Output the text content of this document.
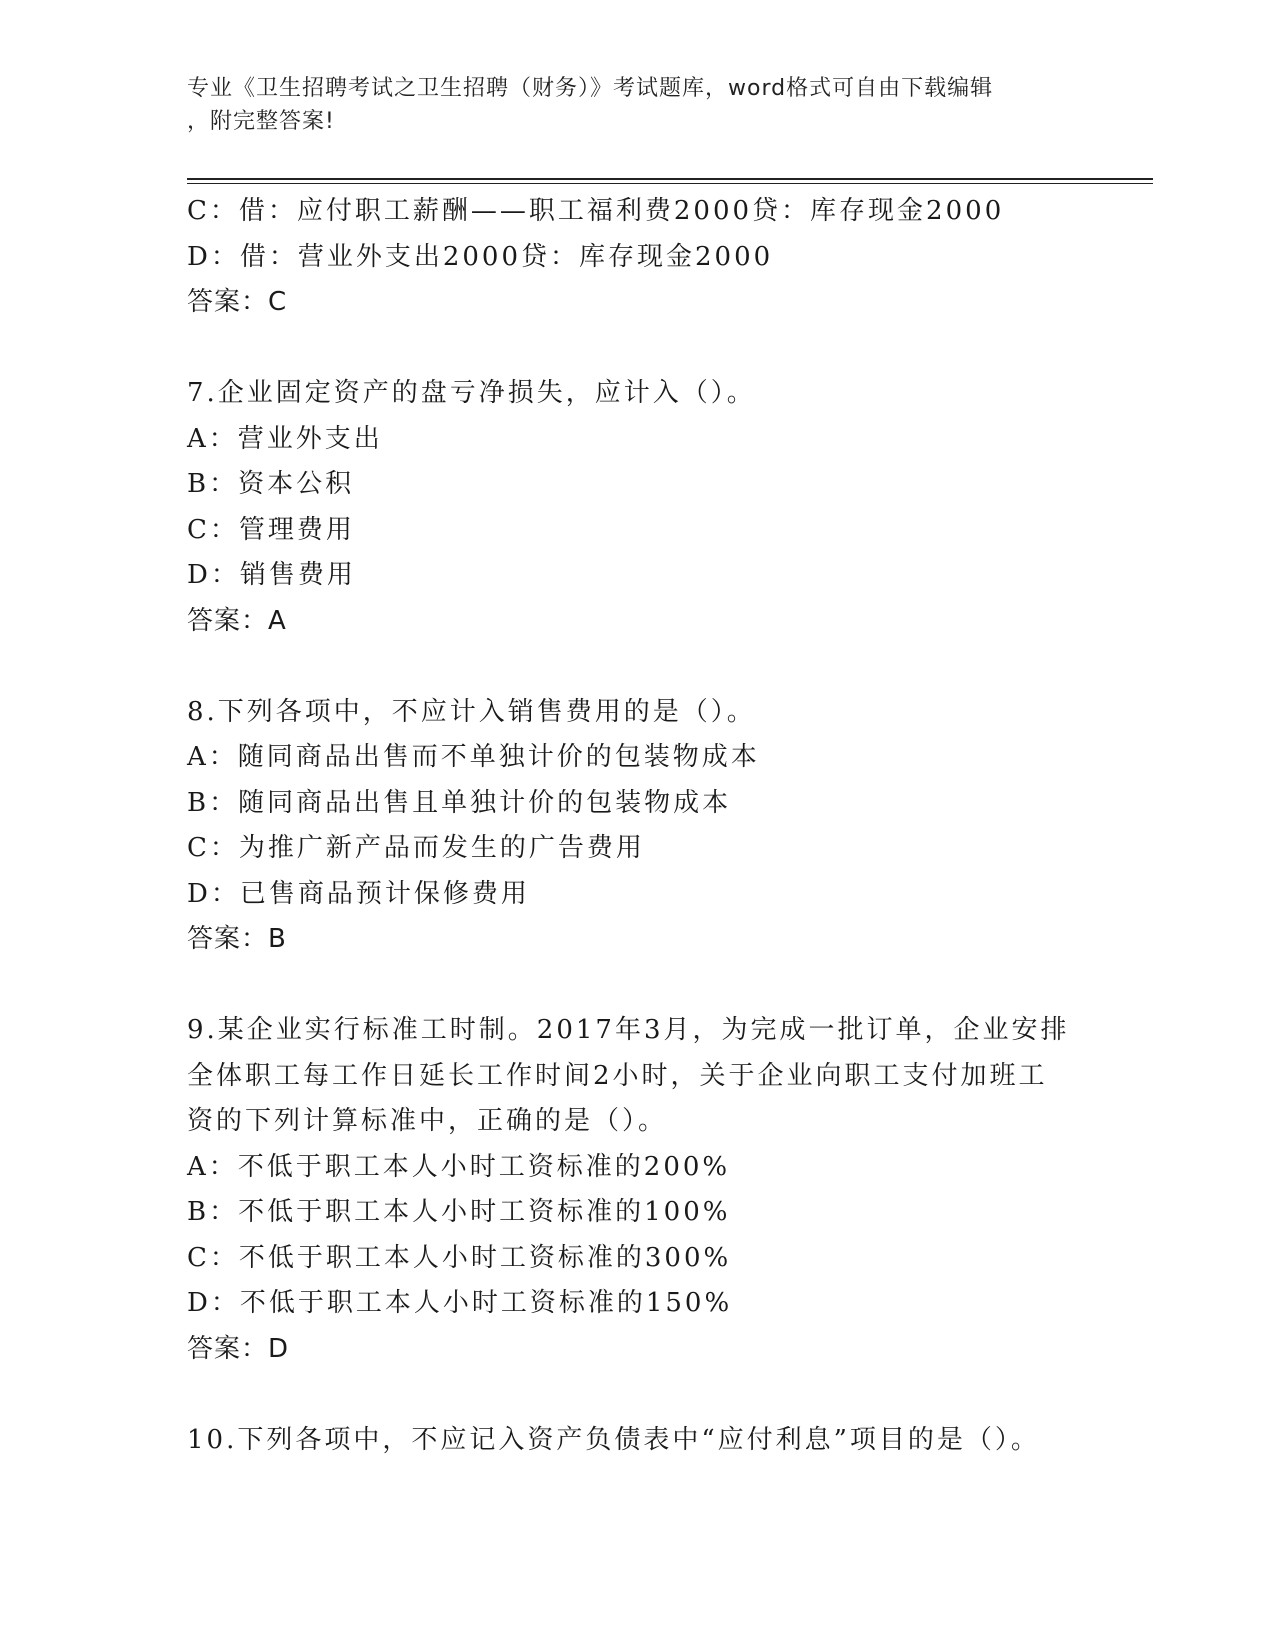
专业《卫生招聘考试之卫生招聘（财务）》考试题库，word格式可自由下载编辑
，附完整答案!
C：借：应付职工薪酬——职工福利费2000贷：库存现金2000
D：借：营业外支出2000贷：库存现金2000
答案：C
7.企业固定资产的盘亏净损失，应计入（）。
A：营业外支出
B：资本公积
C：管理费用
D：销售费用
答案：A
8.下列各项中，不应计入销售费用的是（）。
A：随同商品出售而不单独计价的包装物成本
B：随同商品出售且单独计价的包装物成本
C：为推广新产品而发生的广告费用
D：已售商品预计保修费用
答案：B
9.某企业实行标准工时制。2017年3月，为完成一批订单，企业安排
全体职工每工作日延长工作时间2小时，关于企业向职工支付加班工
资的下列计算标准中，正确的是（）。
A：不低于职工本人小时工资标准的200%
B：不低于职工本人小时工资标准的100%
C：不低于职工本人小时工资标准的300%
D：不低于职工本人小时工资标准的150%
答案：D
10.下列各项中，不应记入资产负债表中“应付利息”项目的是（）。
